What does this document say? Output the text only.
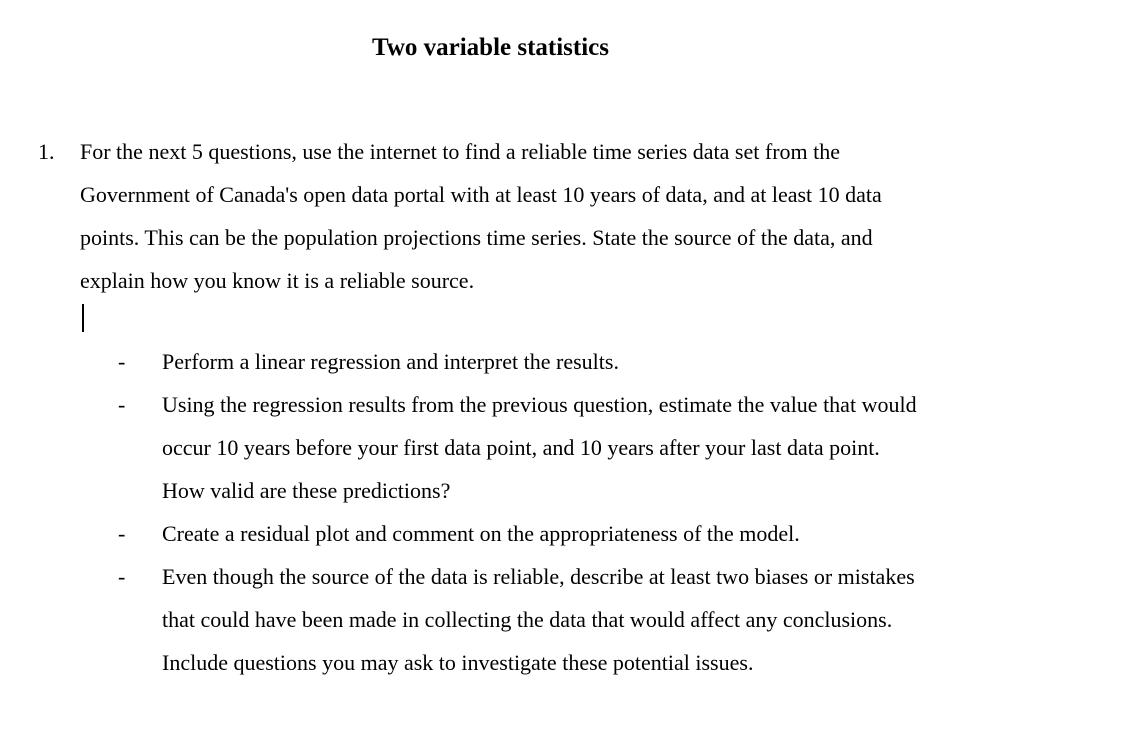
Two variable statistics
1. For the next 5 questions, use the internet to find a reliable time series data set from the
Government of Canada's open data portal with at least 10 years of data, and at least 10 data
points. This can be the population projections time series. State the source of the data, and
explain how you know it is a reliable source.
- Perform a linear regression and interpret the results.
- Using the regression results from the previous question, estimate the value that would
occur 10 years before your first data point, and 10 years after your last data point.
How valid are these predictions?
- Create a residual plot and comment on the appropriateness of the model.
- Even though the source of the data is reliable, describe at least two biases or mistakes
that could have been made in collecting the data that would affect any conclusions.
Include questions you may ask to investigate these potential issues.
